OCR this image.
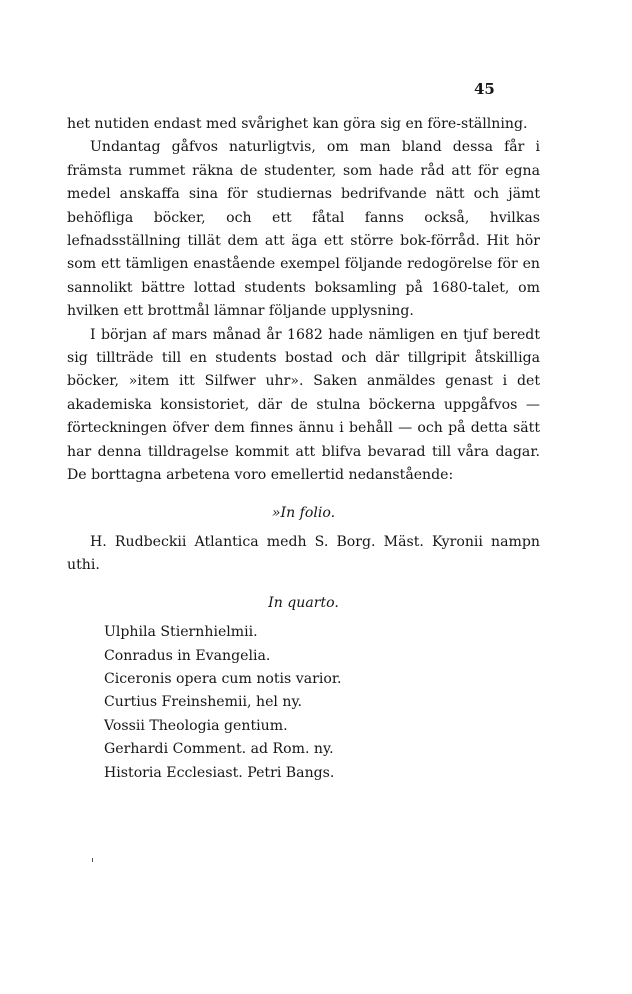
45

het nutiden endast med svårighet kan göra sig en före-ställning.

Undantag gåfvos naturligtvis, om man bland dessa får i främsta rummet räkna de studenter, som hade råd att för egna medel anskaffa sina för studiernas bedrifvande nätt och jämt behöfliga böcker, och ett fåtal fanns också, hvilkas lefnadsställning tillät dem att äga ett större bok-förråd. Hit hör som ett tämligen enastående exempel följande redogörelse för en sannolikt bättre lottad students boksamling på 1680-talet, om hvilken ett brottmål lämnar följande upplysning.

I början af mars månad år 1682 hade nämligen en tjuf beredt sig tillträde till en students bostad och där tillgripit åtskilliga böcker, »item itt Silfwer uhr». Saken anmäldes genast i det akademiska konsistoriet, där de stulna böckerna uppgåfvos — förteckningen öfver dem finnes ännu i behåll — och på detta sätt har denna tilldragelse kommit att blifva bevarad till våra dagar. De borttagna arbetena voro emellertid nedanstående:

»In folio.

H. Rudbeckii Atlantica medh S. Borg. Mäst. Kyronii nampn uthi.

In quarto.
Ulphila Stiernhielmii.
Conradus in Evangelia.
Ciceronis opera cum notis varior.
Curtius Freinshemii, hel ny.
Vossii Theologia gentium.
Gerhardi Comment. ad Rom. ny.
Historia Ecclesiast. Petri Bangs.
